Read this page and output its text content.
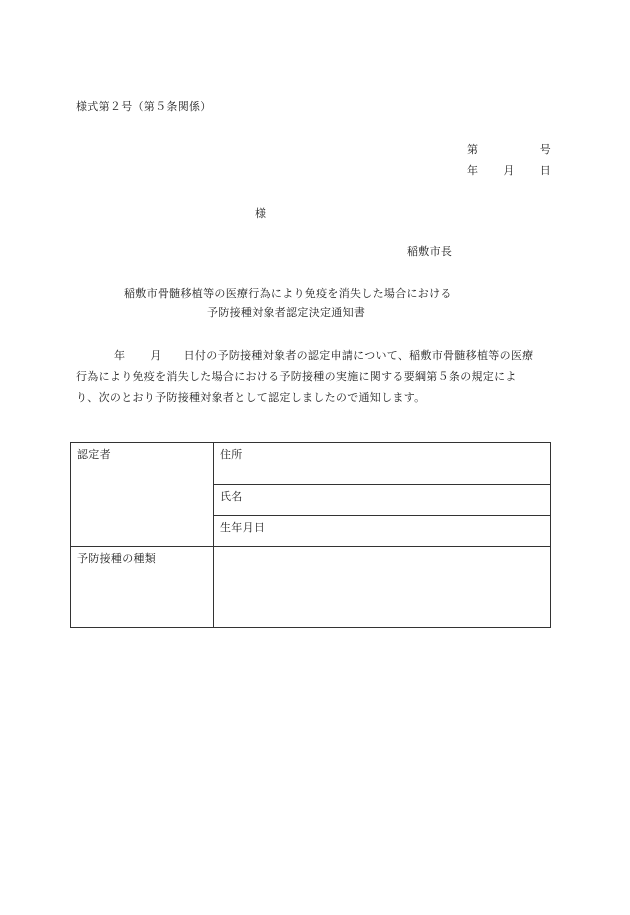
様式第２号（第５条関係）
第	号
年 月 日
様
稲敷市長
稲敷市骨髄移植等の医療行為により免疫を消失した場合における
予防接種対象者認定決定通知書
年 月 日付の予防接種対象者の認定申請について、稲敷市骨髄移植等の医療
行為により免疫を消失した場合における予防接種の実施に関する要綱第５条の規定によ
り、次のとおり予防接種対象者として認定しましたので通知します。
認定者	住所
	氏名
	生年月日
予防接種の種類	
